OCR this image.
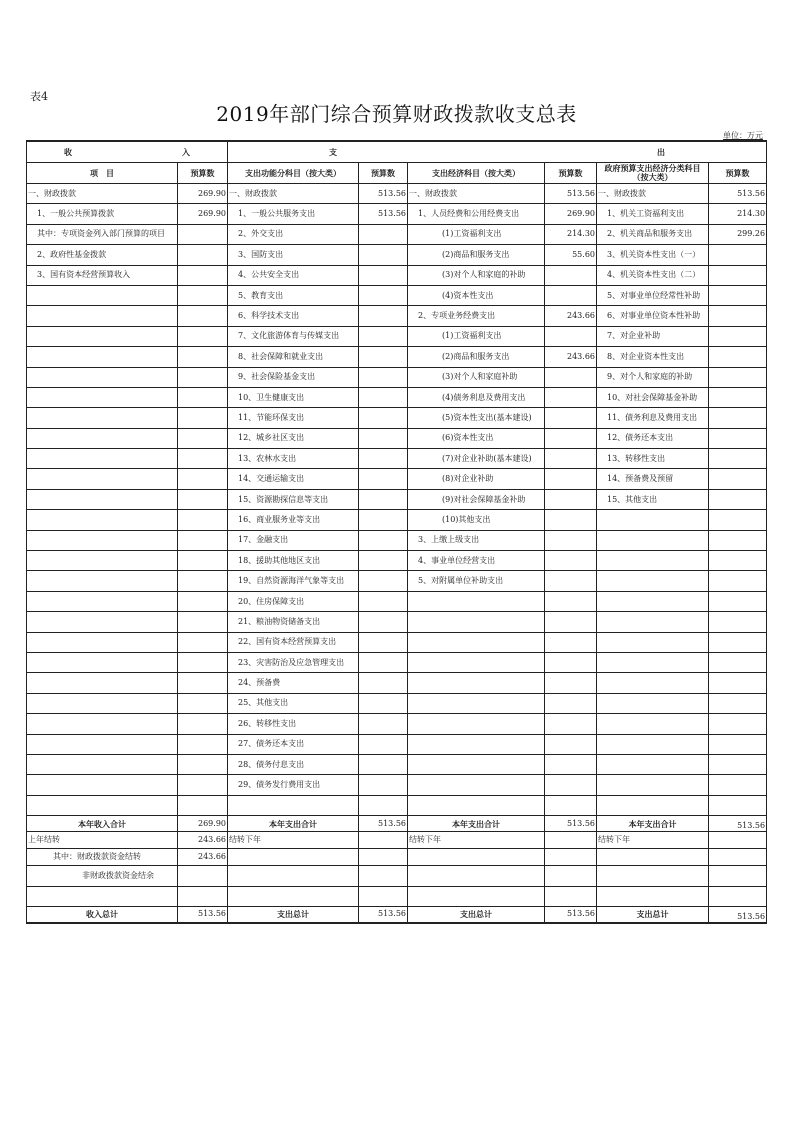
表4
2019年部门综合预算财政拨款收支总表
单位：万元
收 入		支 出					
项　目	预算数	支出功能分科目（按大类）	预算数	支出经济科目（按大类）	预算数	政府预算支出经济分类科目（按大类）	预算数
一、财政拨款	269.90	一、财政拨款	513.56	一、财政拨款	513.56	一、财政拨款	513.56
1、一般公共预算拨款	269.90	1、一般公共服务支出	513.56	1、人员经费和公用经费支出	269.90	1、机关工资福利支出	214.30
其中：专项资金列入部门预算的项目		2、外交支出		(1)工资福利支出	214.30	2、机关商品和服务支出	299.26
2、政府性基金拨款		3、国防支出		(2)商品和服务支出	55.60	3、机关资本性支出（一）	
3、国有资本经营预算收入		4、公共安全支出		(3)对个人和家庭的补助		4、机关资本性支出（二）	
		5、教育支出		(4)资本性支出		5、对事业单位经常性补助	
		6、科学技术支出		2、专项业务经费支出	243.66	6、对事业单位资本性补助	
		7、文化旅游体育与传媒支出		(1)工资福利支出		7、对企业补助	
		8、社会保障和就业支出		(2)商品和服务支出	243.66	8、对企业资本性支出	
		9、社会保险基金支出		(3)对个人和家庭补助		9、对个人和家庭的补助	
		10、卫生健康支出		(4)债务利息及费用支出		10、对社会保障基金补助	
		11、节能环保支出		(5)资本性支出(基本建设)		11、债务利息及费用支出	
		12、城乡社区支出		(6)资本性支出		12、债务还本支出	
		13、农林水支出		(7)对企业补助(基本建设)		13、转移性支出	
		14、交通运输支出		(8)对企业补助		14、预备费及预留	
		15、资源勘探信息等支出		(9)对社会保障基金补助		15、其他支出	
		16、商业服务业等支出		(10)其他支出			
		17、金融支出		3、上缴上级支出			
		18、援助其他地区支出		4、事业单位经营支出			
		19、自然资源海洋气象等支出		5、对附属单位补助支出			
		20、住房保障支出					
		21、粮油物资储备支出					
		22、国有资本经营预算支出					
		23、灾害防治及应急管理支出					
		24、预备费					
		25、其他支出					
		26、转移性支出					
		27、债务还本支出					
		28、债务付息支出					
		29、债务发行费用支出					

本年收入合计	269.90	本年支出合计	513.56	本年支出合计	513.56	本年支出合计	513.56
上年结转	243.66	结转下年		结转下年		结转下年	
其中：财政拨款资金结转	243.66						
非财政拨款资金结余							

收入总计	513.56	支出总计	513.56	支出总计	513.56	支出总计	513.56
